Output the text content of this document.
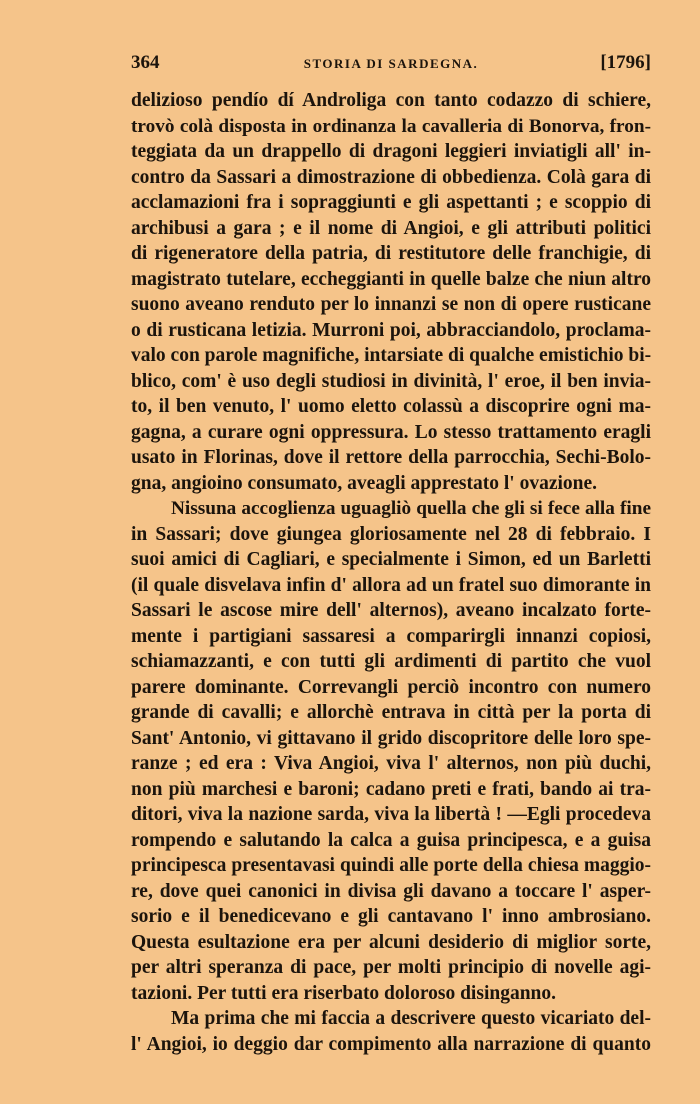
364	STORIA DI SARDEGNA.	[1796]
delizioso pendío dí Androliga con tanto codazzo di schiere,
trovò colà disposta in ordinanza la cavalleria di Bonorva, fron-
teggiata da un drappello di dragoni leggieri inviatigli all' in-
contro da Sassari a dimostrazione di obbedienza. Colà gara di
acclamazioni fra i sopraggiunti e gli aspettanti ; e scoppio di
archibusi a gara ; e il nome di Angioi, e gli attributi politici
di rigeneratore della patria, di restitutore delle franchigie, di
magistrato tutelare, eccheggianti in quelle balze che niun altro
suono aveano renduto per lo innanzi se non di opere rusticane
o di rusticana letizia. Murroni poi, abbracciandolo, proclama-
valo con parole magnifiche, intarsiate di qualche emistichio bi-
blico, com' è uso degli studiosi in divinità, l' eroe, il ben invia-
to, il ben venuto, l' uomo eletto colassù a discoprire ogni ma-
gagna, a curare ogni oppressura. Lo stesso trattamento eragli
usato in Florinas, dove il rettore della parrocchia, Sechi-Bolo-
gna, angioino consumato, aveagli apprestato l' ovazione.
Nissuna accoglienza uguagliò quella che gli si fece alla fine
in Sassari; dove giungea gloriosamente nel 28 di febbraio. I
suoi amici di Cagliari, e specialmente i Simon, ed un Barletti
(il quale disvelava infin d' allora ad un fratel suo dimorante in
Sassari le ascose mire dell' alternos), aveano incalzato forte-
mente i partigiani sassaresi a comparirgli innanzi copiosi,
schiamazzanti, e con tutti gli ardimenti di partito che vuol
parere dominante. Correvangli perciò incontro con numero
grande di cavalli; e allorchè entrava in città per la porta di
Sant' Antonio, vi gittavano il grido discopritore delle loro spe-
ranze ; ed era : Viva Angioi, viva l' alternos, non più duchi,
non più marchesi e baroni; cadano preti e frati, bando ai tra-
ditori, viva la nazione sarda, viva la libertà ! —Egli procedeva
rompendo e salutando la calca a guisa principesca, e a guisa
principesca presentavasi quindi alle porte della chiesa maggio-
re, dove quei canonici in divisa gli davano a toccare l' asper-
sorio e il benedicevano e gli cantavano l' inno ambrosiano.
Questa esultazione era per alcuni desiderio di miglior sorte,
per altri speranza di pace, per molti principio di novelle agi-
tazioni. Per tutti era riserbato doloroso disinganno.
Ma prima che mi faccia a descrivere questo vicariato del-
l' Angioi, io deggio dar compimento alla narrazione di quanto
